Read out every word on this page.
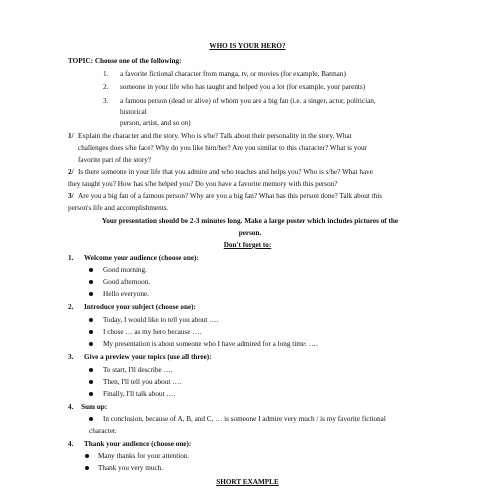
WHO IS YOUR HERO?
TOPIC: Choose one of the following:
1. a favorite fictional character from manga, tv, or movies (for example, Batman)
2. someone in your life who has taught and helped you a lot (for example, your parents)
3. a famous person (dead or alive) of whom you are a big fan (i.e. a singer, actor, politician,
historical
person, artist, and so on)
1/ Explain the character and the story. Who is s/he? Talk about their personality in the story. What
challenges does s/he face? Why do you like him/her? Are you similar to this character? What is your
favorite part of the story?
2/ Is there someone in your life that you admire and who teaches and helps you? Who is s/he? What have
they taught you? How has s/he helped you? Do you have a favorite memory with this person?
3/ Are you a big fan of a famous person? Why are you a big fan? What has this person done? Talk about this
person's life and accomplishments.
Your presentation should be 2-3 minutes long. Make a large poster which includes pictures of the
person.
Don't forget to:
1. Welcome your audience (choose one):
Good morning.
Good afternoon.
Hello everyone.
2. Introduce your subject (choose one):
Today, I would like to tell you about ….
I chose … as my hero because ….
My presentation is about someone who I have admired for a long time: ….
3. Give a preview your topics (use all three):
To start, I'll describe ….
Then, I'll tell you about ….
Finally, I'll talk about ….
4. Sum up:
In conclusion, because of A, B, and C, … is someone I admire very much / is my favorite fictional
character.
4. Thank your audience (choose one):
Many thanks for your attention.
Thank you very much.
SHORT EXAMPLE
